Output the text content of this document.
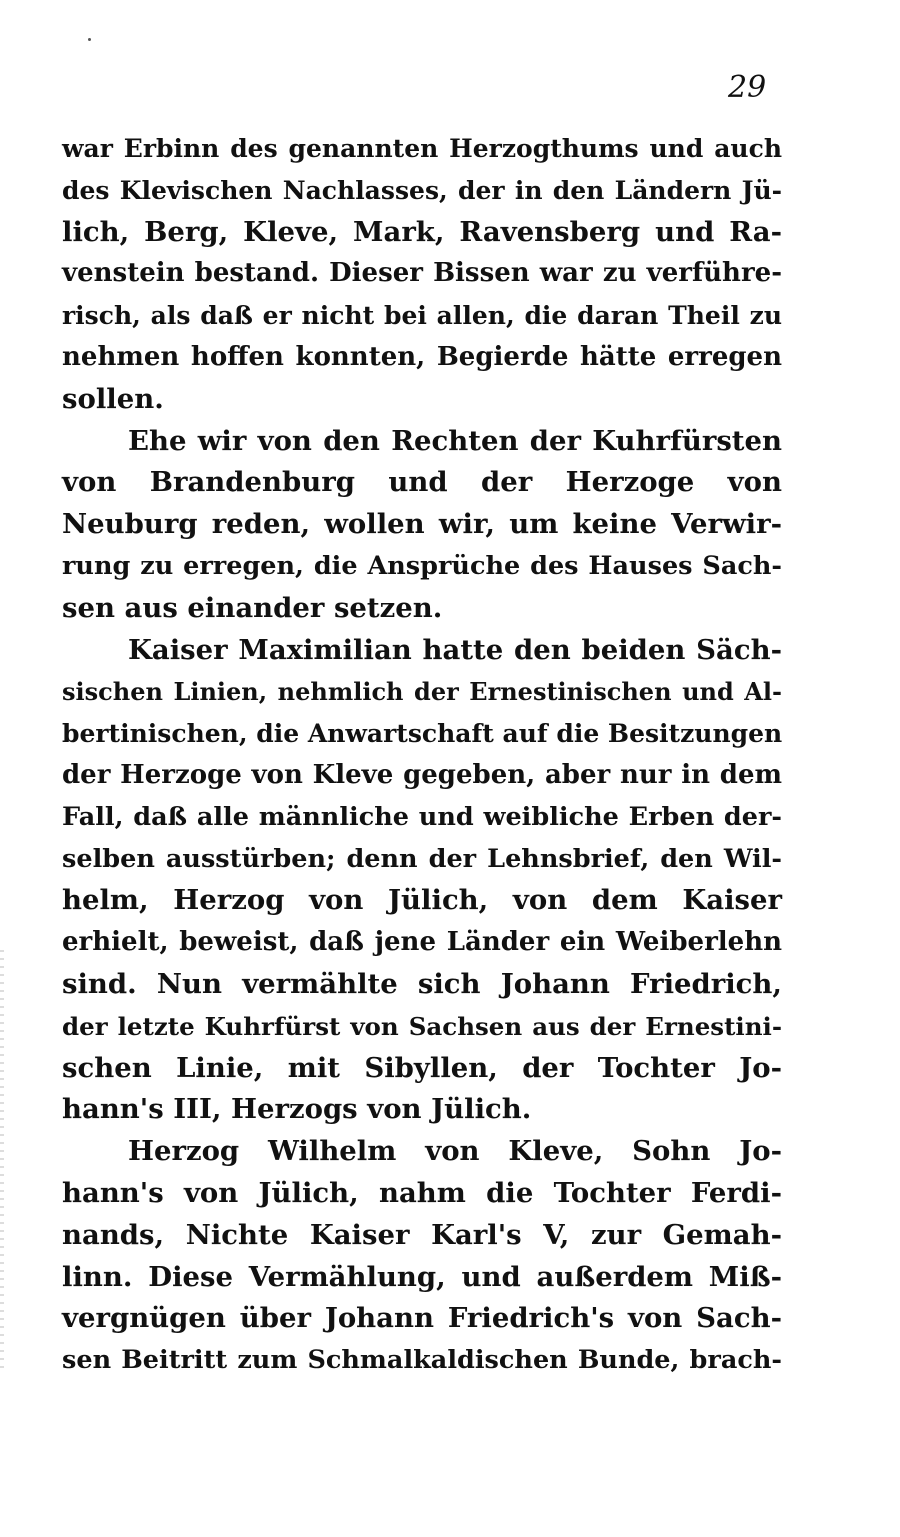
29
war Erbinn des genannten Herzogthums und auch
des Klevischen Nachlasses, der in den Ländern Jü-
lich, Berg, Kleve, Mark, Ravensberg und Ra-
venstein bestand. Dieser Bissen war zu verführe-
risch, als daß er nicht bei allen, die daran Theil zu
nehmen hoffen konnten, Begierde hätte erregen
sollen.
Ehe wir von den Rechten der Kuhrfürsten
von Brandenburg und der Herzoge von
Neuburg reden, wollen wir, um keine Verwir-
rung zu erregen, die Ansprüche des Hauses Sach-
sen aus einander setzen.
Kaiser Maximilian hatte den beiden Säch-
sischen Linien, nehmlich der Ernestinischen und Al-
bertinischen, die Anwartschaft auf die Besitzungen
der Herzoge von Kleve gegeben, aber nur in dem
Fall, daß alle männliche und weibliche Erben der-
selben ausstürben; denn der Lehnsbrief, den Wil-
helm, Herzog von Jülich, von dem Kaiser
erhielt, beweist, daß jene Länder ein Weiberlehn
sind. Nun vermählte sich Johann Friedrich,
der letzte Kuhrfürst von Sachsen aus der Ernestini-
schen Linie, mit Sibyllen, der Tochter Jo-
hann's III, Herzogs von Jülich.
Herzog Wilhelm von Kleve, Sohn Jo-
hann's von Jülich, nahm die Tochter Ferdi-
nands, Nichte Kaiser Karl's V, zur Gemah-
linn. Diese Vermählung, und außerdem Miß-
vergnügen über Johann Friedrich's von Sach-
sen Beitritt zum Schmalkaldischen Bunde, brach-
